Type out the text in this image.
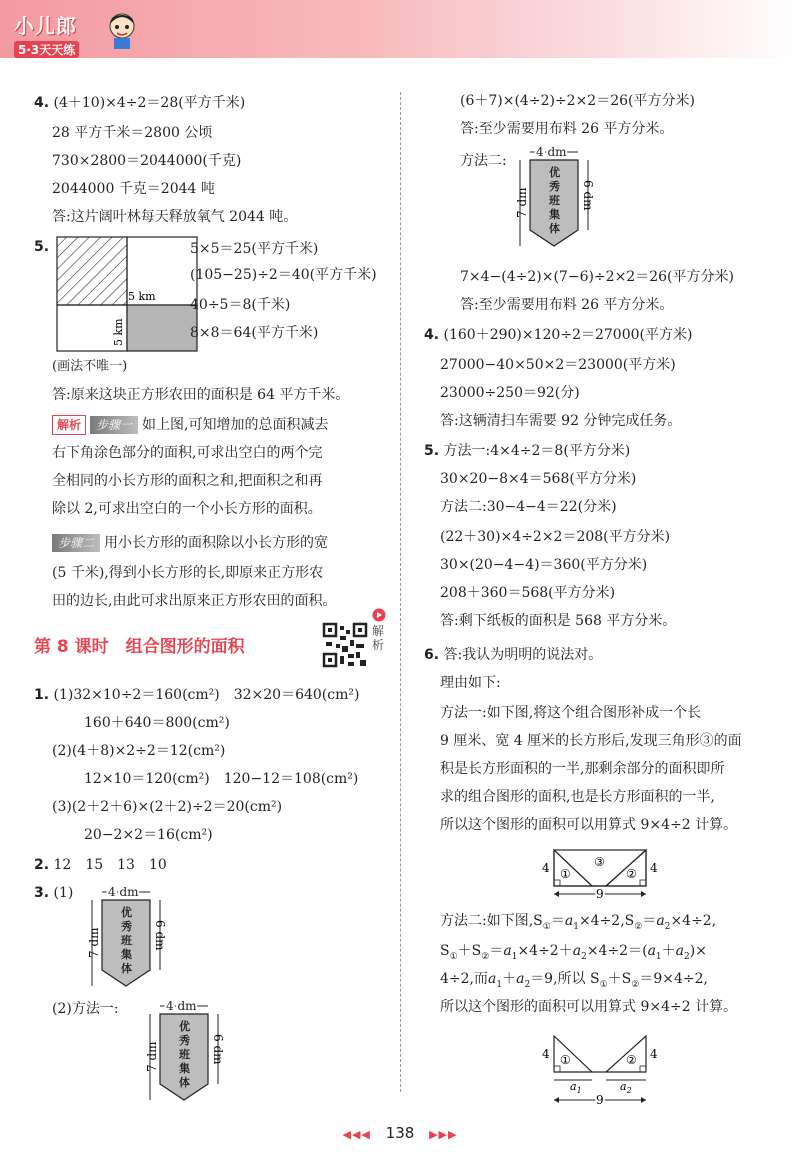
小儿郎
5·3天天练
4. (4＋10)×4÷2＝28(平方千米)
28 平方千米＝2800 公顷
730×2800＝2044000(千克)
2044000 千克＝2044 吨
答:这片阔叶林每天释放氧气 2044 吨。
5.
5 km
5 km
5×5＝25(平方千米)
(105−25)÷2＝40(平方千米)
40÷5＝8(千米)
8×8＝64(平方千米)
(画法不唯一)
答:原来这块正方形农田的面积是 64 平方千米。
解析 步骤一 如上图,可知增加的总面积减去
右下角涂色部分的面积,可求出空白的两个完
全相同的小长方形的面积之和,把面积之和再
除以 2,可求出空白的一个小长方形的面积。
步骤二 用小长方形的面积除以小长方形的宽
(5 千米),得到小长方形的长,即原来正方形农
田的边长,由此可求出原来正方形农田的面积。
第 8 课时　组合图形的面积
解析
1. (1)32×10÷2＝160(cm²)　32×20＝640(cm²)
160＋640＝800(cm²)
(2)(4＋8)×2÷2＝12(cm²)
12×10＝120(cm²)　120−12＝108(cm²)
(3)(2＋2＋6)×(2＋2)÷2＝20(cm²)
20−2×2＝16(cm²)
2. 12　15　13　10
3. (1)
(2)方法一:
4 dm
7 dm	6 dm
优
秀
班
集
体
4 dm
7 dm	6 dm
优
秀
班
集
体
(6＋7)×(4÷2)÷2×2＝26(平方分米)
答:至少需要用布料 26 平方分米。
方法二:
7×4−(4÷2)×(7−6)÷2×2＝26(平方分米)
答:至少需要用布料 26 平方分米。
4. (160＋290)×120÷2＝27000(平方米)
27000−40×50×2＝23000(平方米)
23000÷250＝92(分)
答:这辆清扫车需要 92 分钟完成任务。
5. 方法一:4×4÷2＝8(平方分米)
30×20−8×4＝568(平方分米)
方法二:30−4−4＝22(分米)
(22＋30)×4÷2×2＝208(平方分米)
30×(20−4−4)＝360(平方分米)
208＋360＝568(平方分米)
答:剩下纸板的面积是 568 平方分米。
6. 答:我认为明明的说法对。
理由如下:
方法一:如下图,将这个组合图形补成一个长
9 厘米、宽 4 厘米的长方形后,发现三角形③的面
积是长方形面积的一半,那剩余部分的面积即所
求的组合图形的面积,也是长方形面积的一半,
所以这个图形的面积可以用算式 9×4÷2 计算。
方法二:如下图$,S_①=a_1\times 4\div 2,S_②=a_2\times 4\div 2$,
$S_①+S_②=a_1\times 4\div 2+a_2\times 4\div 2=(a_1+a_2)\times$
4÷2,而$a_1+a_2=9$,所以 $S_①+S_②=9\times 4\div 2$,
所以这个图形的面积可以用算式 9×4÷2 计算。
4 dm
7 dm	6 dm
优
秀
班
集
体
4 ①
③
② 4
9
4 ①	② 4
$a_1$	$a_2$
9
◀◀◀ 138 ▶▶▶
